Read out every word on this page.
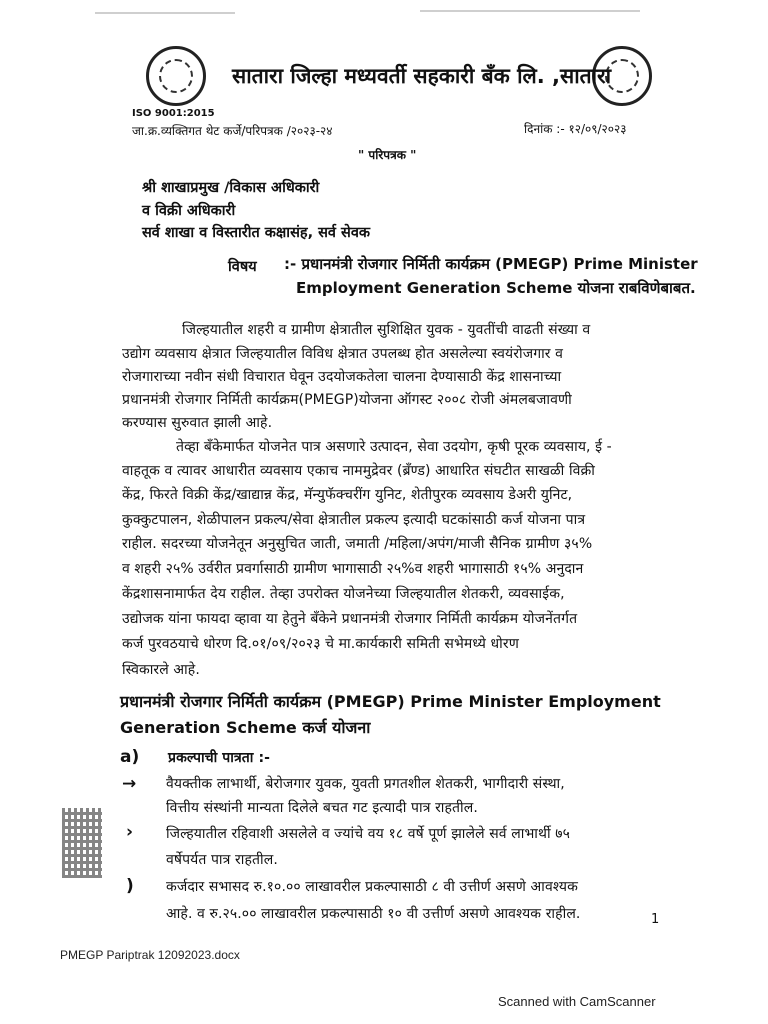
सातारा जिल्हा मध्यवर्ती सहकारी बँक लि. ,सातारा
ISO 9001:2015
जा.क्र.व्यक्तिगत थेट कर्जे/परिपत्रक /२०२३-२४	दिनांक :- १२/०९/२०२३
" परिपत्रक "
श्री शाखाप्रमुख /विकास अधिकारी
व विक्री अधिकारी
सर्व शाखा व विस्तारीत कक्षासंह, सर्व सेवक
विषय :- प्रधानमंत्री रोजगार निर्मिती कार्यक्रम (PMEGP) Prime Minister
Employment Generation Scheme योजना राबविणेबाबत.
जिल्हयातील शहरी व ग्रामीण क्षेत्रातील सुशिक्षित युवक - युवतींची वाढती संख्या व
उद्योग व्यवसाय क्षेत्रात जिल्हयातील विविध क्षेत्रात उपलब्ध होत असलेल्या स्वयंरोजगार व
रोजगाराच्या नवीन संधी विचारात घेवून उदयोजकतेला चालना देण्यासाठी केंद्र शासनाच्या
प्रधानमंत्री रोजगार निर्मिती कार्यक्रम(PMEGP)योजना ऑगस्ट २००८ रोजी अंमलबजावणी
करण्यास सुरुवात झाली आहे.
तेव्हा बँकेमार्फत योजनेत पात्र असणारे उत्पादन, सेवा उदयोग, कृषी पूरक व्यवसाय, ई -
वाहतूक व त्यावर आधारीत व्यवसाय एकाच नाममुद्रेवर (ब्रँण्ड) आधारित संघटीत साखळी विक्री
केंद्र, फिरते विक्री केंद्र/खाद्यान्न केंद्र, मॅन्युफॅक्चरींग युनिट, शेतीपुरक व्यवसाय डेअरी युनिट,
कुक्कुटपालन, शेळीपालन प्रकल्प/सेवा क्षेत्रातील प्रकल्प इत्यादी घटकांसाठी कर्ज योजना पात्र
राहील. सदरच्या योजनेतून अनुसुचित जाती, जमाती /महिला/अपंग/माजी सैनिक ग्रामीण ३५%
व शहरी २५% उर्वरीत प्रवर्गासाठी ग्रामीण भागासाठी २५%व शहरी भागासाठी १५% अनुदान
केंद्रशासनामार्फत देय राहील. तेव्हा उपरोक्त योजनेच्या जिल्हयातील शेतकरी, व्यवसाईक,
उद्योजक यांना फायदा व्हावा या हेतुने बँकेने प्रधानमंत्री रोजगार निर्मिती कार्यक्रम योजनेंतर्गत
कर्ज पुरवठयाचे धोरण दि.०१/०९/२०२३ चे मा.कार्यकारी समिती सभेमध्ये धोरण
स्विकारले आहे.
प्रधानमंत्री रोजगार निर्मिती कार्यक्रम (PMEGP) Prime Minister Employment
Generation Scheme कर्ज योजना
a) प्रकल्पाची पात्रता :-
→ वैयक्तीक लाभार्थी, बेरोजगार युवक, युवती प्रगतशील शेतकरी, भागीदारी संस्था,
वित्तीय संस्थांनी मान्यता दिलेले बचत गट इत्यादी पात्र राहतील.
› जिल्हयातील रहिवाशी असलेले व ज्यांचे वय १८ वर्षे पूर्ण झालेले सर्व लाभार्थी ७५
वर्षेपर्यत पात्र राहतील.
) कर्जदार सभासद रु.१०.०० लाखावरील प्रकल्पासाठी ८ वी उत्तीर्ण असणे आवश्यक
आहे. व रु.२५.०० लाखावरील प्रकल्पासाठी १० वी उत्तीर्ण असणे आवश्यक राहील.	1
PMEGP Pariptrak 12092023.docx
Scanned with CamScanner
